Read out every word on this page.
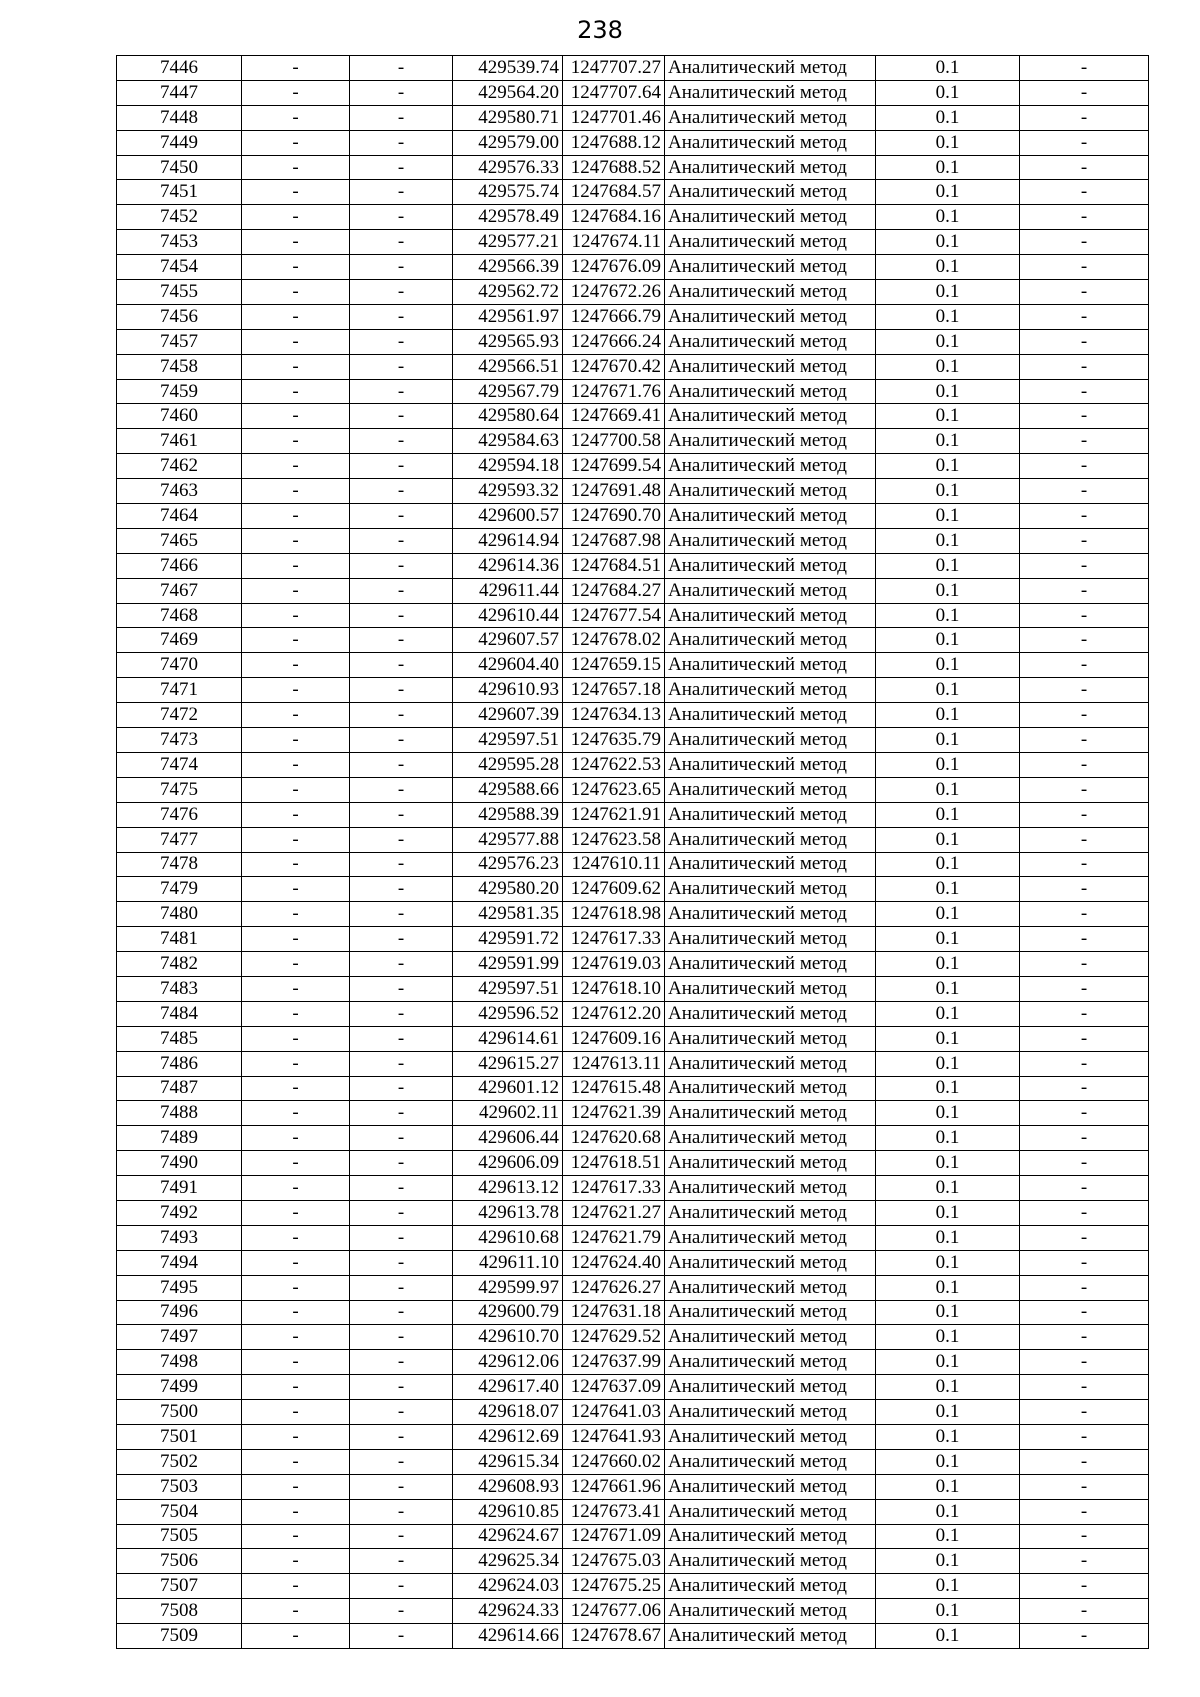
238
7446	-	-	429539.74	1247707.27	Аналитический метод	0.1	-
7447	-	-	429564.20	1247707.64	Аналитический метод	0.1	-
7448	-	-	429580.71	1247701.46	Аналитический метод	0.1	-
7449	-	-	429579.00	1247688.12	Аналитический метод	0.1	-
7450	-	-	429576.33	1247688.52	Аналитический метод	0.1	-
7451	-	-	429575.74	1247684.57	Аналитический метод	0.1	-
7452	-	-	429578.49	1247684.16	Аналитический метод	0.1	-
7453	-	-	429577.21	1247674.11	Аналитический метод	0.1	-
7454	-	-	429566.39	1247676.09	Аналитический метод	0.1	-
7455	-	-	429562.72	1247672.26	Аналитический метод	0.1	-
7456	-	-	429561.97	1247666.79	Аналитический метод	0.1	-
7457	-	-	429565.93	1247666.24	Аналитический метод	0.1	-
7458	-	-	429566.51	1247670.42	Аналитический метод	0.1	-
7459	-	-	429567.79	1247671.76	Аналитический метод	0.1	-
7460	-	-	429580.64	1247669.41	Аналитический метод	0.1	-
7461	-	-	429584.63	1247700.58	Аналитический метод	0.1	-
7462	-	-	429594.18	1247699.54	Аналитический метод	0.1	-
7463	-	-	429593.32	1247691.48	Аналитический метод	0.1	-
7464	-	-	429600.57	1247690.70	Аналитический метод	0.1	-
7465	-	-	429614.94	1247687.98	Аналитический метод	0.1	-
7466	-	-	429614.36	1247684.51	Аналитический метод	0.1	-
7467	-	-	429611.44	1247684.27	Аналитический метод	0.1	-
7468	-	-	429610.44	1247677.54	Аналитический метод	0.1	-
7469	-	-	429607.57	1247678.02	Аналитический метод	0.1	-
7470	-	-	429604.40	1247659.15	Аналитический метод	0.1	-
7471	-	-	429610.93	1247657.18	Аналитический метод	0.1	-
7472	-	-	429607.39	1247634.13	Аналитический метод	0.1	-
7473	-	-	429597.51	1247635.79	Аналитический метод	0.1	-
7474	-	-	429595.28	1247622.53	Аналитический метод	0.1	-
7475	-	-	429588.66	1247623.65	Аналитический метод	0.1	-
7476	-	-	429588.39	1247621.91	Аналитический метод	0.1	-
7477	-	-	429577.88	1247623.58	Аналитический метод	0.1	-
7478	-	-	429576.23	1247610.11	Аналитический метод	0.1	-
7479	-	-	429580.20	1247609.62	Аналитический метод	0.1	-
7480	-	-	429581.35	1247618.98	Аналитический метод	0.1	-
7481	-	-	429591.72	1247617.33	Аналитический метод	0.1	-
7482	-	-	429591.99	1247619.03	Аналитический метод	0.1	-
7483	-	-	429597.51	1247618.10	Аналитический метод	0.1	-
7484	-	-	429596.52	1247612.20	Аналитический метод	0.1	-
7485	-	-	429614.61	1247609.16	Аналитический метод	0.1	-
7486	-	-	429615.27	1247613.11	Аналитический метод	0.1	-
7487	-	-	429601.12	1247615.48	Аналитический метод	0.1	-
7488	-	-	429602.11	1247621.39	Аналитический метод	0.1	-
7489	-	-	429606.44	1247620.68	Аналитический метод	0.1	-
7490	-	-	429606.09	1247618.51	Аналитический метод	0.1	-
7491	-	-	429613.12	1247617.33	Аналитический метод	0.1	-
7492	-	-	429613.78	1247621.27	Аналитический метод	0.1	-
7493	-	-	429610.68	1247621.79	Аналитический метод	0.1	-
7494	-	-	429611.10	1247624.40	Аналитический метод	0.1	-
7495	-	-	429599.97	1247626.27	Аналитический метод	0.1	-
7496	-	-	429600.79	1247631.18	Аналитический метод	0.1	-
7497	-	-	429610.70	1247629.52	Аналитический метод	0.1	-
7498	-	-	429612.06	1247637.99	Аналитический метод	0.1	-
7499	-	-	429617.40	1247637.09	Аналитический метод	0.1	-
7500	-	-	429618.07	1247641.03	Аналитический метод	0.1	-
7501	-	-	429612.69	1247641.93	Аналитический метод	0.1	-
7502	-	-	429615.34	1247660.02	Аналитический метод	0.1	-
7503	-	-	429608.93	1247661.96	Аналитический метод	0.1	-
7504	-	-	429610.85	1247673.41	Аналитический метод	0.1	-
7505	-	-	429624.67	1247671.09	Аналитический метод	0.1	-
7506	-	-	429625.34	1247675.03	Аналитический метод	0.1	-
7507	-	-	429624.03	1247675.25	Аналитический метод	0.1	-
7508	-	-	429624.33	1247677.06	Аналитический метод	0.1	-
7509	-	-	429614.66	1247678.67	Аналитический метод	0.1	-
